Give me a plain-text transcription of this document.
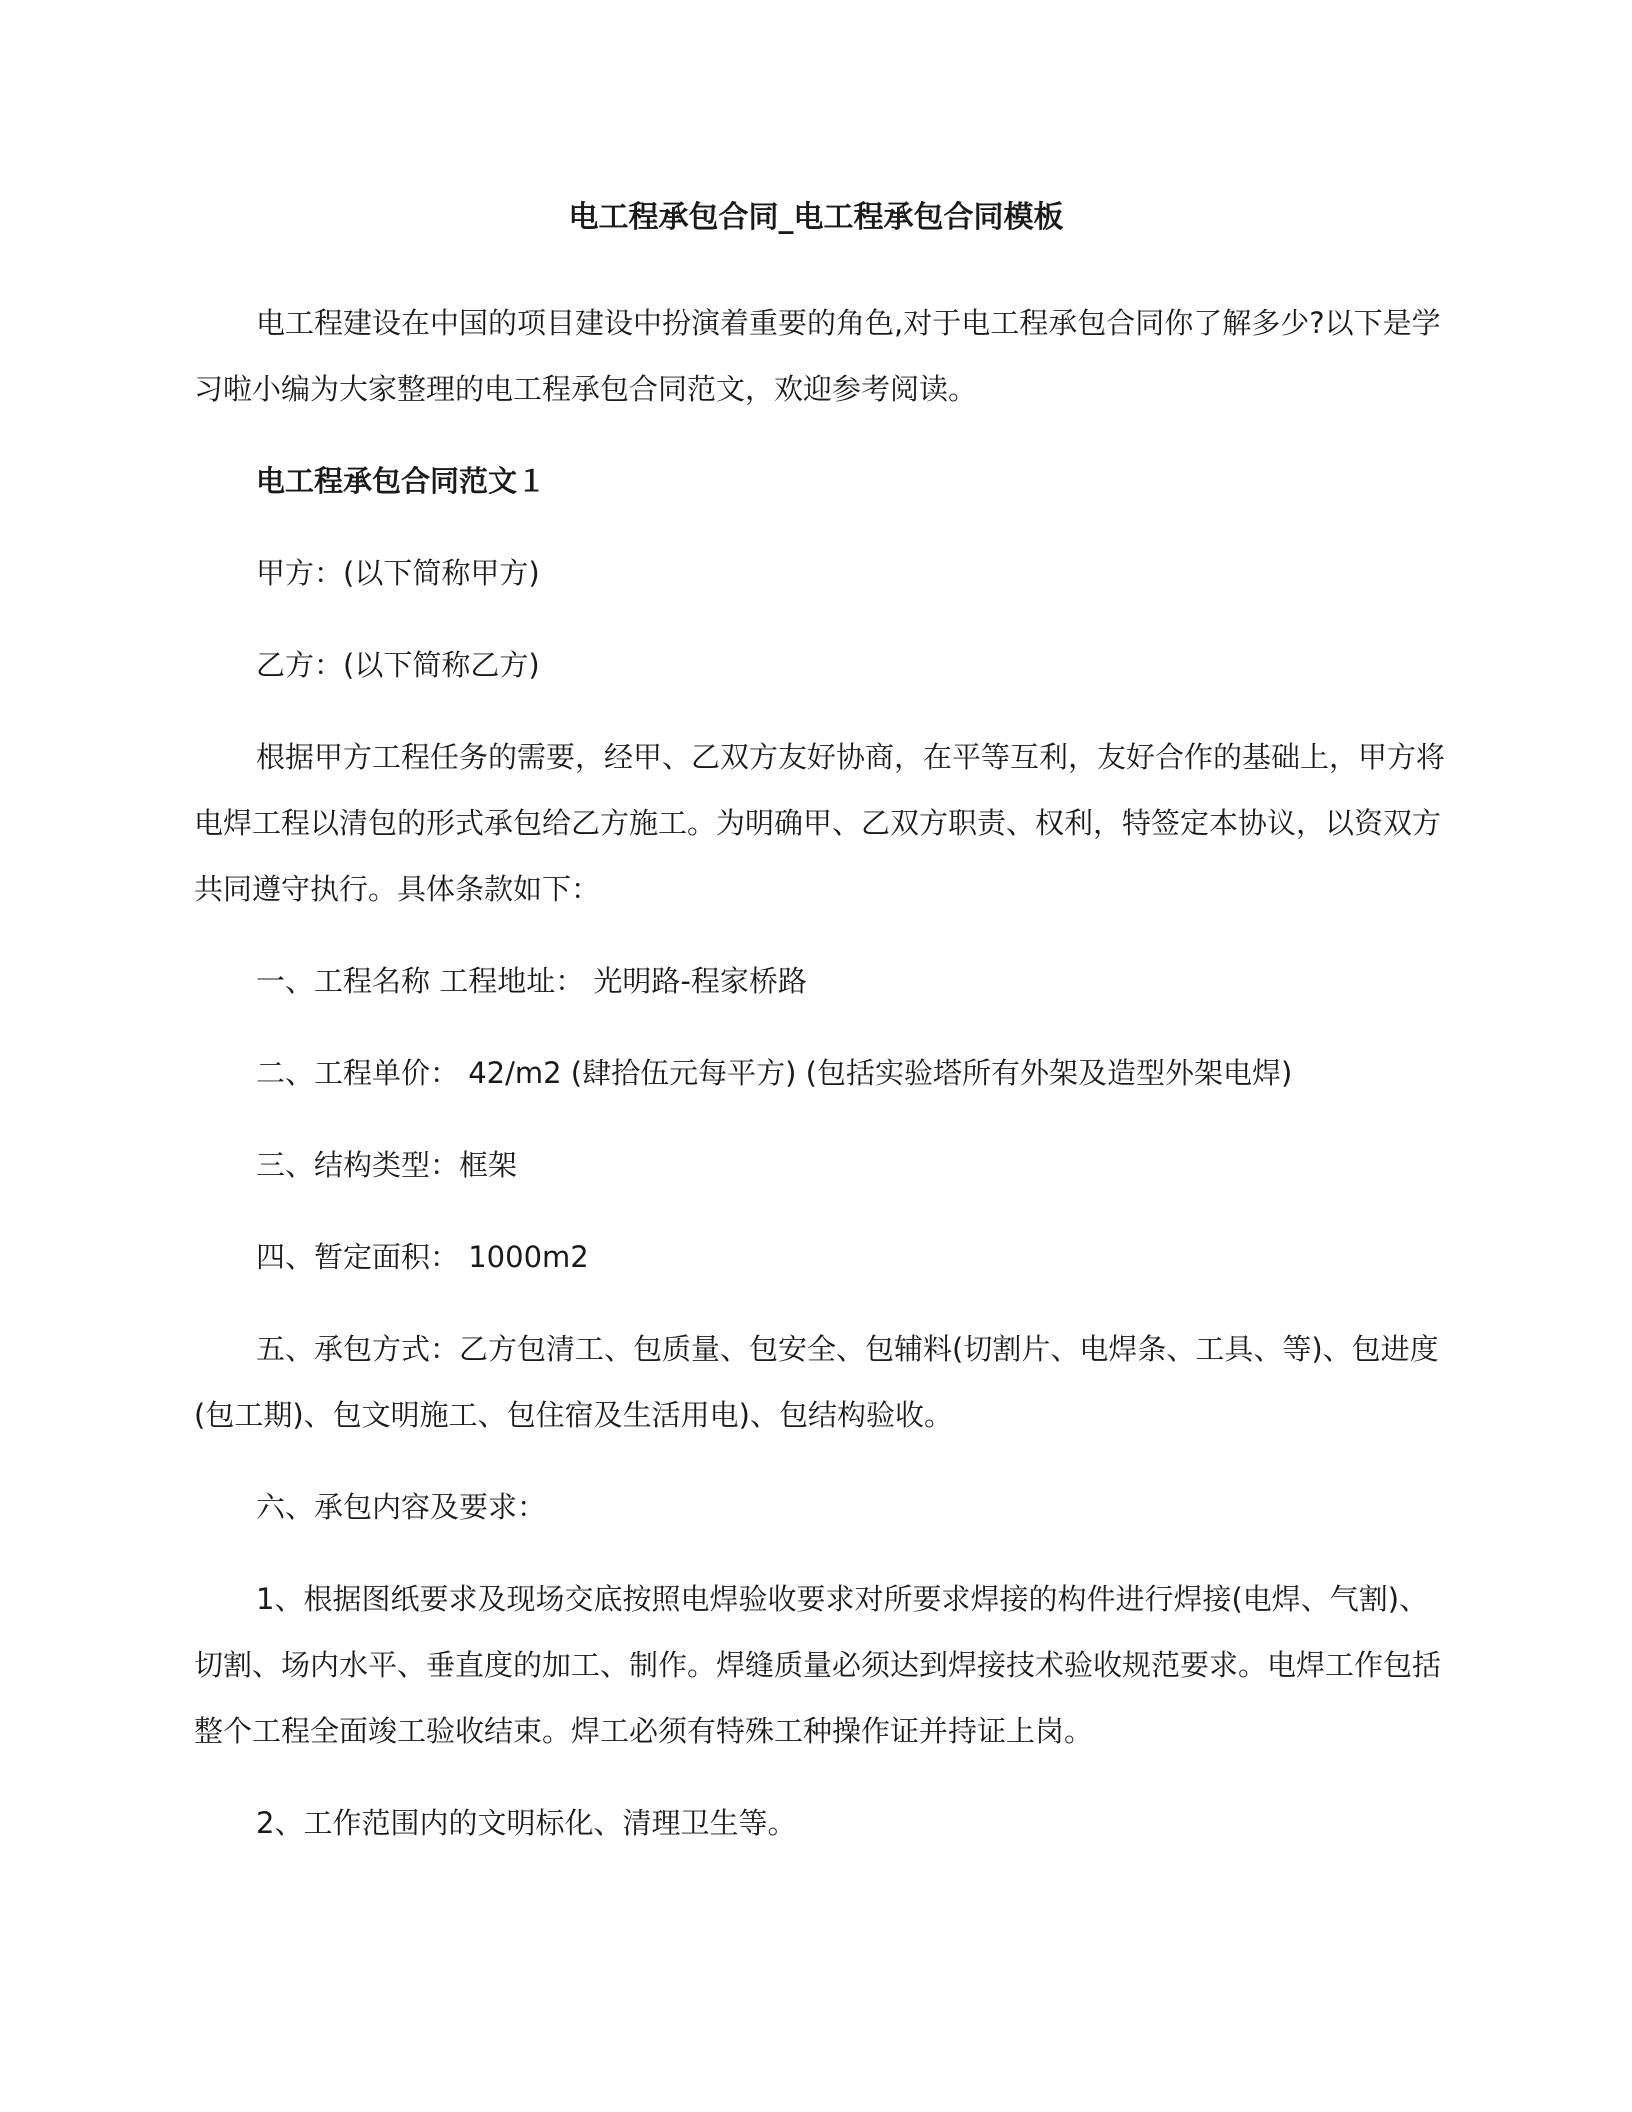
电工程承包合同_电工程承包合同模板

电工程建设在中国的项目建设中扮演着重要的角色,对于电工程承包合同你了解多少?以下是学习啦小编为大家整理的电工程承包合同范文，欢迎参考阅读。

电工程承包合同范文１

甲方：(以下简称甲方)

乙方：(以下简称乙方)

根据甲方工程任务的需要，经甲、乙双方友好协商，在平等互利，友好合作的基础上，甲方将 电焊工程以清包的形式承包给乙方施工。为明确甲、乙双方职责、权利，特签定本协议，以资双方共同遵守执行。具体条款如下：

一、工程名称 工程地址： 光明路-程家桥路

二、工程单价： 42/m2 (肆拾伍元每平方) (包括实验塔所有外架及造型外架电焊)

三、结构类型：框架

四、暂定面积： 1000m2

五、承包方式：乙方包清工、包质量、包安全、包辅料(切割片、电焊条、工具、等)、包进度(包工期)、包文明施工、包住宿及生活用电)、包结构验收。

六、承包内容及要求：

1、根据图纸要求及现场交底按照电焊验收要求对所要求焊接的构件进行焊接(电焊、气割)、切割、场内水平、垂直度的加工、制作。焊缝质量必须达到焊接技术验收规范要求。电焊工作包括整个工程全面竣工验收结束。焊工必须有特殊工种操作证并持证上岗。

2、工作范围内的文明标化、清理卫生等。
